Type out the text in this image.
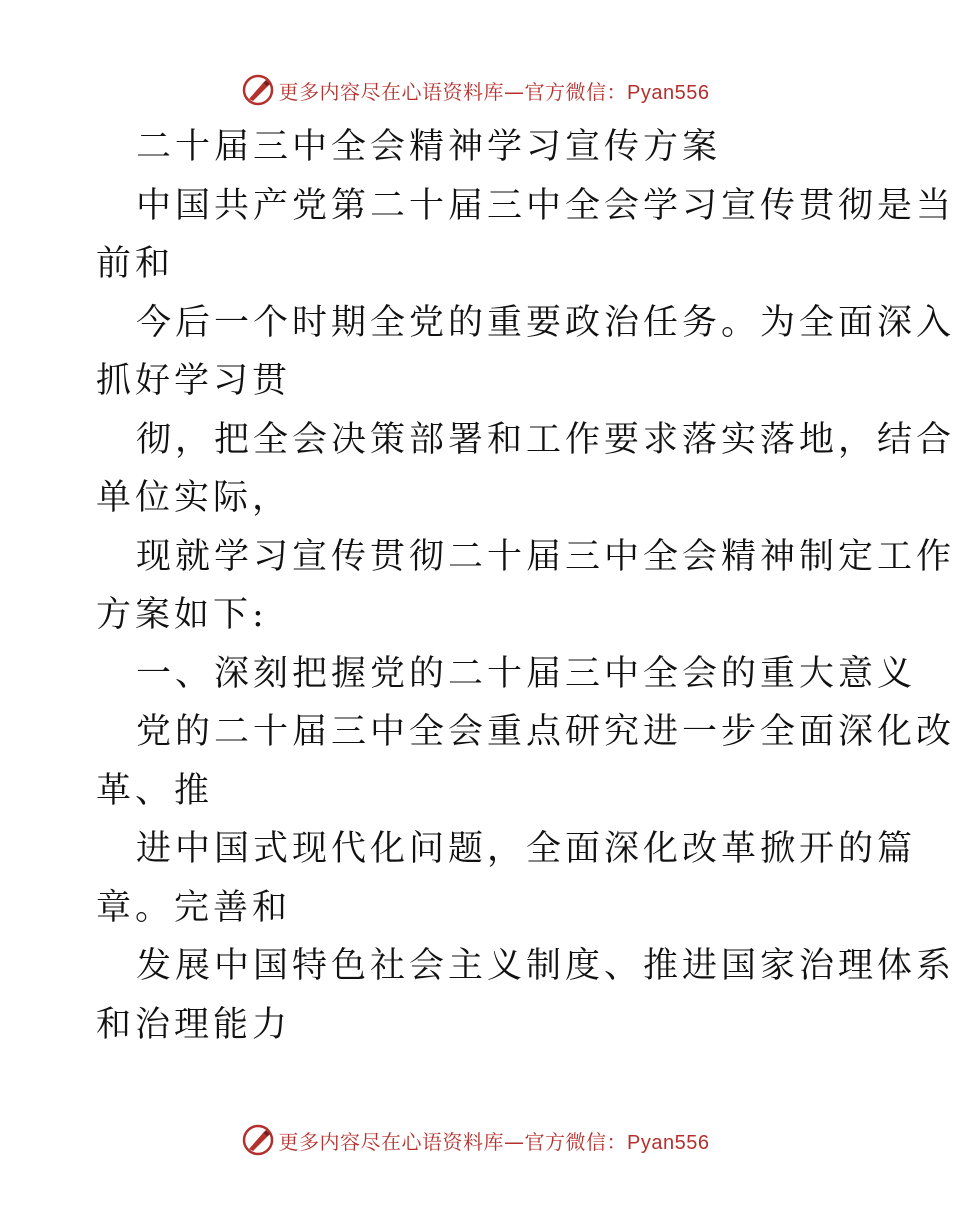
更多内容尽在心语资料库—官方微信：Pyan556
二十届三中全会精神学习宣传方案
中国共产党第二十届三中全会学习宣传贯彻是当
前和
今后一个时期全党的重要政治任务。为全面深入
抓好学习贯
彻，把全会决策部署和工作要求落实落地，结合
单位实际，
现就学习宣传贯彻二十届三中全会精神制定工作
方案如下:
一、深刻把握党的二十届三中全会的重大意义
党的二十届三中全会重点研究进一步全面深化改
革、推
进中国式现代化问题，全面深化改革掀开的篇
章。完善和
发展中国特色社会主义制度、推进国家治理体系
和治理能力
更多内容尽在心语资料库—官方微信：Pyan556
